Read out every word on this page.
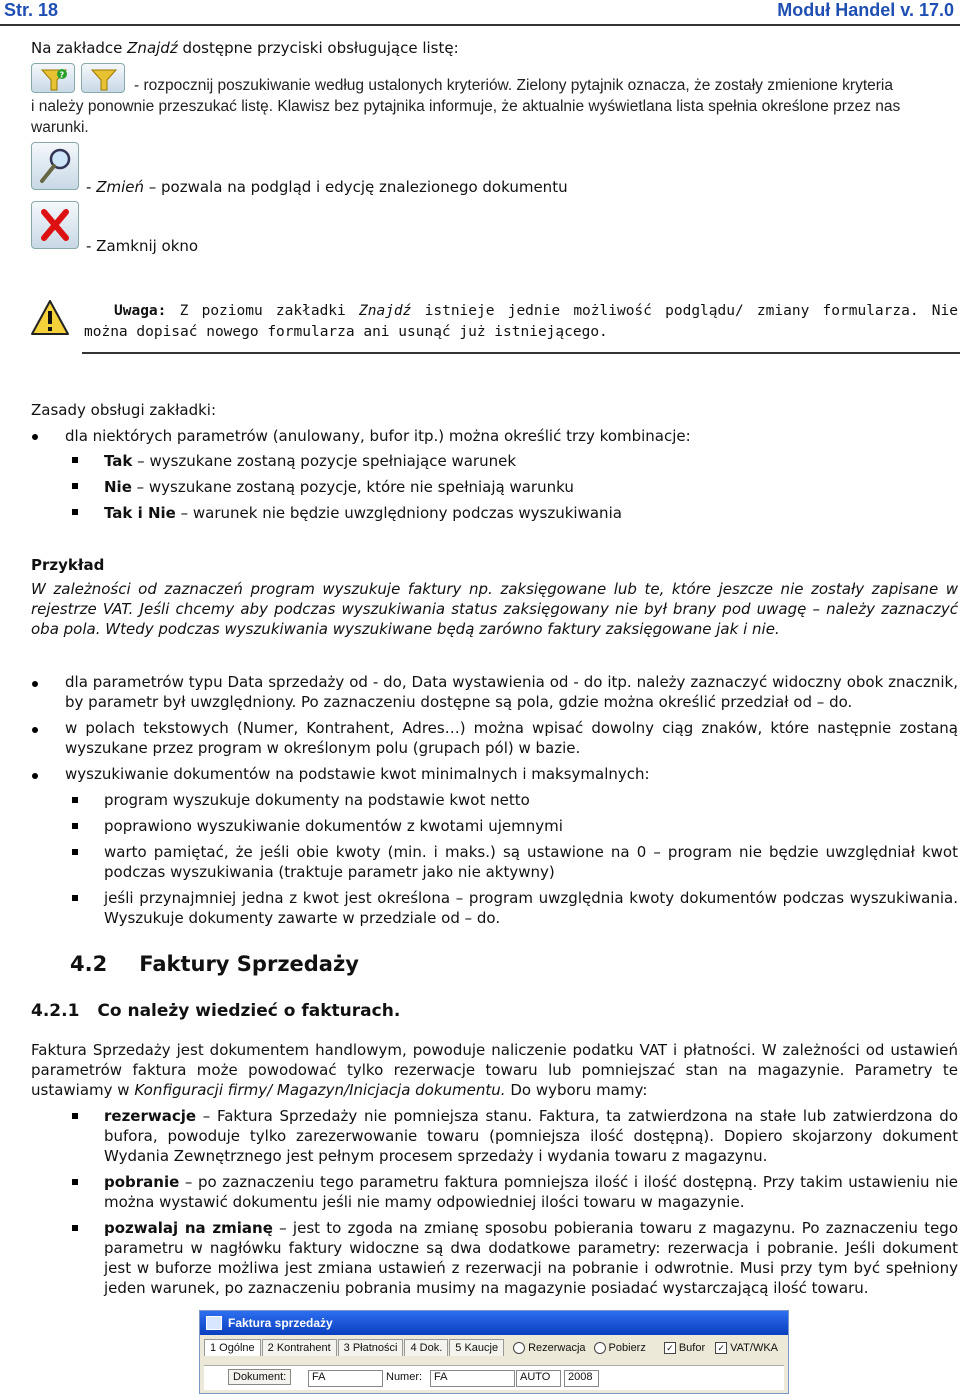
Str. 18	Moduł Handel v. 17.0
Na zakładce Znajdź dostępne przyciski obsługujące listę:
?
- rozpocznij poszukiwanie według ustalonych kryteriów. Zielony pytajnik oznacza, że zostały zmienione kryteria
i należy ponownie przeszukać listę. Klawisz bez pytajnika informuje, że aktualnie wyświetlana lista spełnia określone przez nas warunki.
- Zmień – pozwala na podgląd i edycję znalezionego dokumentu
- Zamknij okno
Uwaga: Z poziomu zakładki Znajdź istnieje jednie możliwość podglądu/ zmiany formularza. Nie można dopisać nowego formularza ani usunąć już istniejącego.
Zasady obsługi zakładki:
dla niektórych parametrów (anulowany, bufor itp.) można określić trzy kombinacje:
Tak – wyszukane zostaną pozycje spełniające warunek
Nie – wyszukane zostaną pozycje, które nie spełniają warunku
Tak i Nie – warunek nie będzie uwzględniony podczas wyszukiwania
Przykład
W zależności od zaznaczeń program wyszukuje faktury np. zaksięgowane lub te, które jeszcze nie zostały zapisane w rejestrze VAT. Jeśli chcemy aby podczas wyszukiwania status zaksięgowany nie był brany pod uwagę – należy zaznaczyć oba pola. Wtedy podczas wyszukiwania wyszukiwane będą zarówno faktury zaksięgowane jak i nie.
dla parametrów typu Data sprzedaży od - do, Data wystawienia od - do itp. należy zaznaczyć widoczny obok znacznik, by parametr był uwzględniony. Po zaznaczeniu dostępne są pola, gdzie można określić przedział od – do.
w polach tekstowych (Numer, Kontrahent, Adres…) można wpisać dowolny ciąg znaków, które następnie zostaną wyszukane przez program w określonym polu (grupach pól) w bazie.
wyszukiwanie dokumentów na podstawie kwot minimalnych i maksymalnych:
program wyszukuje dokumenty na podstawie kwot netto
poprawiono wyszukiwanie dokumentów z kwotami ujemnymi
warto pamiętać, że jeśli obie kwoty (min. i maks.) są ustawione na 0 – program nie będzie uwzględniał kwot podczas wyszukiwania (traktuje parametr jako nie aktywny)
jeśli przynajmniej jedna z kwot jest określona – program uwzględnia kwoty dokumentów podczas wyszukiwania. Wyszukuje dokumenty zawarte w przedziale od – do.
4.2 Faktury Sprzedaży
4.2.1 Co należy wiedzieć o fakturach.
Faktura Sprzedaży jest dokumentem handlowym, powoduje naliczenie podatku VAT i płatności. W zależności od ustawień parametrów faktura może powodować tylko rezerwacje towaru lub pomniejszać stan na magazynie. Parametry te ustawiamy w Konfiguracji firmy/ Magazyn/Inicjacja dokumentu. Do wyboru mamy:
rezerwacje – Faktura Sprzedaży nie pomniejsza stanu. Faktura, ta zatwierdzona na stałe lub zatwierdzona do bufora, powoduje tylko zarezerwowanie towaru (pomniejsza ilość dostępną). Dopiero skojarzony dokument Wydania Zewnętrznego jest pełnym procesem sprzedaży i wydania towaru z magazynu.
pobranie – po zaznaczeniu tego parametru faktura pomniejsza ilość i ilość dostępną. Przy takim ustawieniu nie można wystawić dokumentu jeśli nie mamy odpowiedniej ilości towaru w magazynie.
pozwalaj na zmianę – jest to zgoda na zmianę sposobu pobierania towaru z magazynu. Po zaznaczeniu tego parametru w nagłówku faktury widoczne są dwa dodatkowe parametry: rezerwacja i pobranie. Jeśli dokument jest w buforze możliwa jest zmiana ustawień z rezerwacji na pobranie i odwrotnie. Musi przy tym być spełniony jeden warunek, po zaznaczeniu pobrania musimy na magazynie posiadać wystarczającą ilość towaru.
Faktura sprzedaży
1 Ogólne	2 Kontrahent	3 Płatności	4 Dok.	5 Kaucje	Rezerwacja Pobierz ✓ Bufor ✓ VAT/WKA
Dokument:	FA	Numer:	FA	AUTO	2008
